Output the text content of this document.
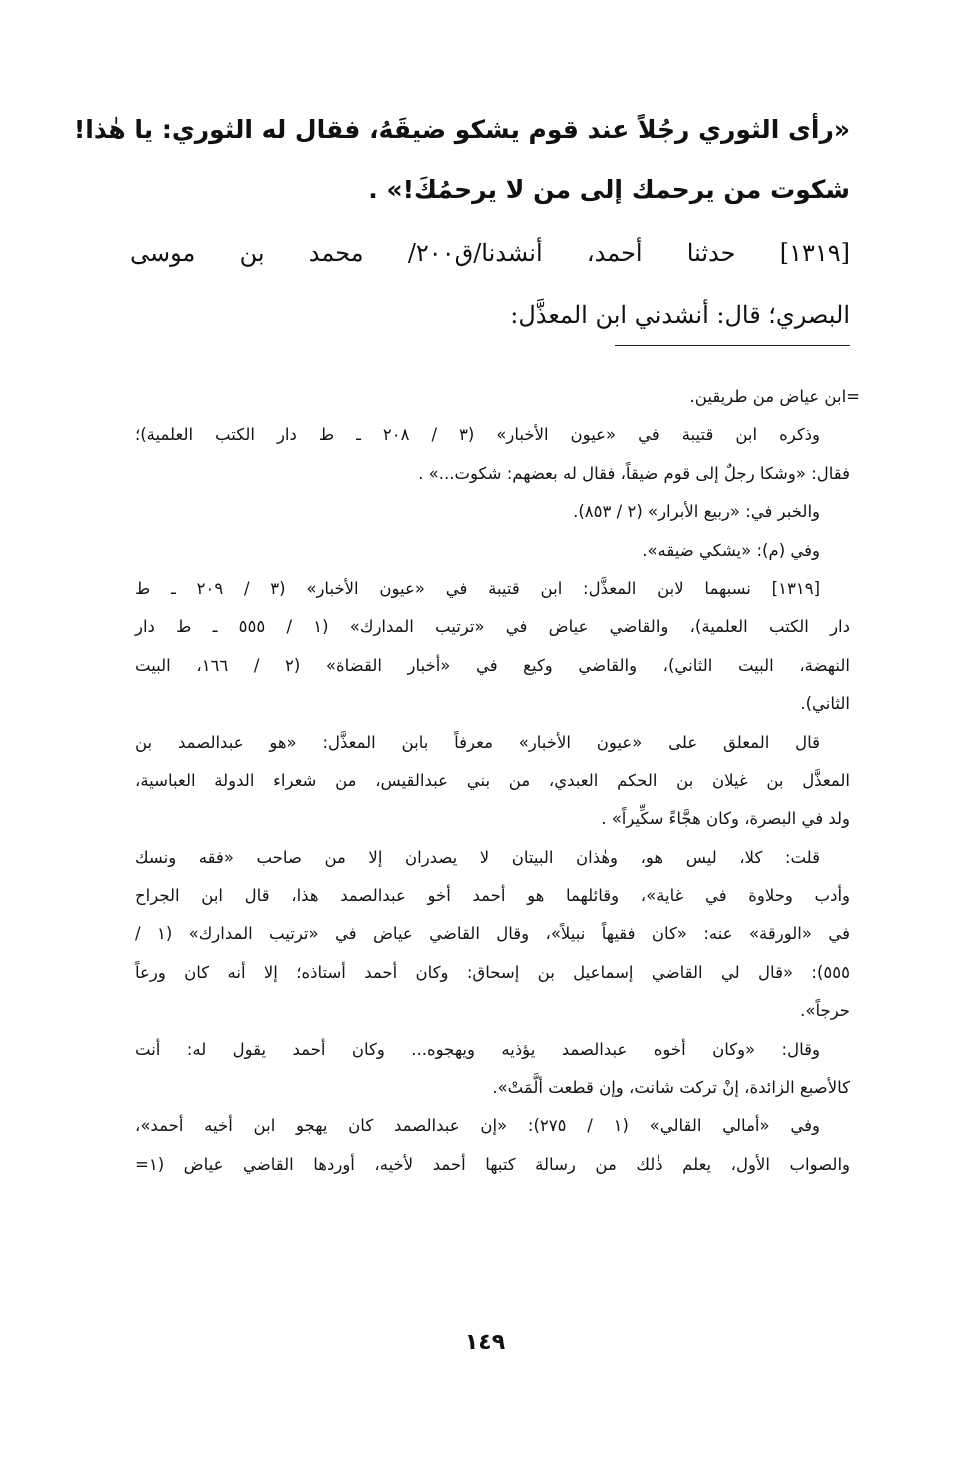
«رأى الثوري رجُلاً عند قوم يشكو ضيقَهُ، فقال له الثوري: يا هٰذا!
شكوت من يرحمك إلى من لا يرحمُكَ!» .
[١٣١٩] حدثنا أحمد، أنشدنا/ق٢٠٠/ محمد بن موسى
البصري؛ قال: أنشدني ابن المعذَّل:
=ابن عياض من طريقين.
وذكره ابن قتيبة في «عيون الأخبار» (٣ / ٢٠٨ ـ ط دار الكتب العلمية)؛
فقال: «وشكا رجلٌ إلى قوم ضيقاً، فقال له بعضهم: شكوت...» .
والخبر في: «ربيع الأبرار» (٢ / ٨٥٣).
وفي (م): «يشكي ضيقه».
[١٣١٩] نسبهما لابن المعذَّل: ابن قتيبة في «عيون الأخبار» (٣ / ٢٠٩ ـ ط
دار الكتب العلمية)، والقاضي عياض في «ترتيب المدارك» (١ / ٥٥٥ ـ ط دار
النهضة، البيت الثاني)، والقاضي وكيع في «أخبار القضاة» (٢ / ١٦٦، البيت
الثاني).
قال المعلق على «عيون الأخبار» معرفاً بابن المعذَّل: «هو عبدالصمد بن
المعذَّل بن غيلان بن الحكم العبدي، من بني عبدالقيس، من شعراء الدولة العباسية،
ولد في البصرة، وكان هجَّاءً سكِّيراً» .
قلت: كلا، ليس هو، وهٰذان البيتان لا يصدران إلا من صاحب «فقه ونسك
وأدب وحلاوة في غاية»، وقائلهما هو أحمد أخو عبدالصمد هذا، قال ابن الجراح
في «الورقة» عنه: «كان فقيهاً نبيلاً»، وقال القاضي عياض في «ترتيب المدارك» (١ /
٥٥٥): «قال لي القاضي إسماعيل بن إسحاق: وكان أحمد أستاذه؛ إلا أنه كان ورعاً
حرجاً».
وقال: «وكان أخوه عبدالصمد يؤذيه ويهجوه... وكان أحمد يقول له: أنت
كالأصبع الزائدة، إنْ تركت شانت، وإن قطعت ألَّمَتْ».
وفي «أمالي القالي» (١ / ٢٧٥): «إن عبدالصمد كان يهجو ابن أخيه أحمد»،
والصواب الأول، يعلم ذٰلك من رسالة كتبها أحمد لأخيه، أوردها القاضي عياض (١=
١٤٩
